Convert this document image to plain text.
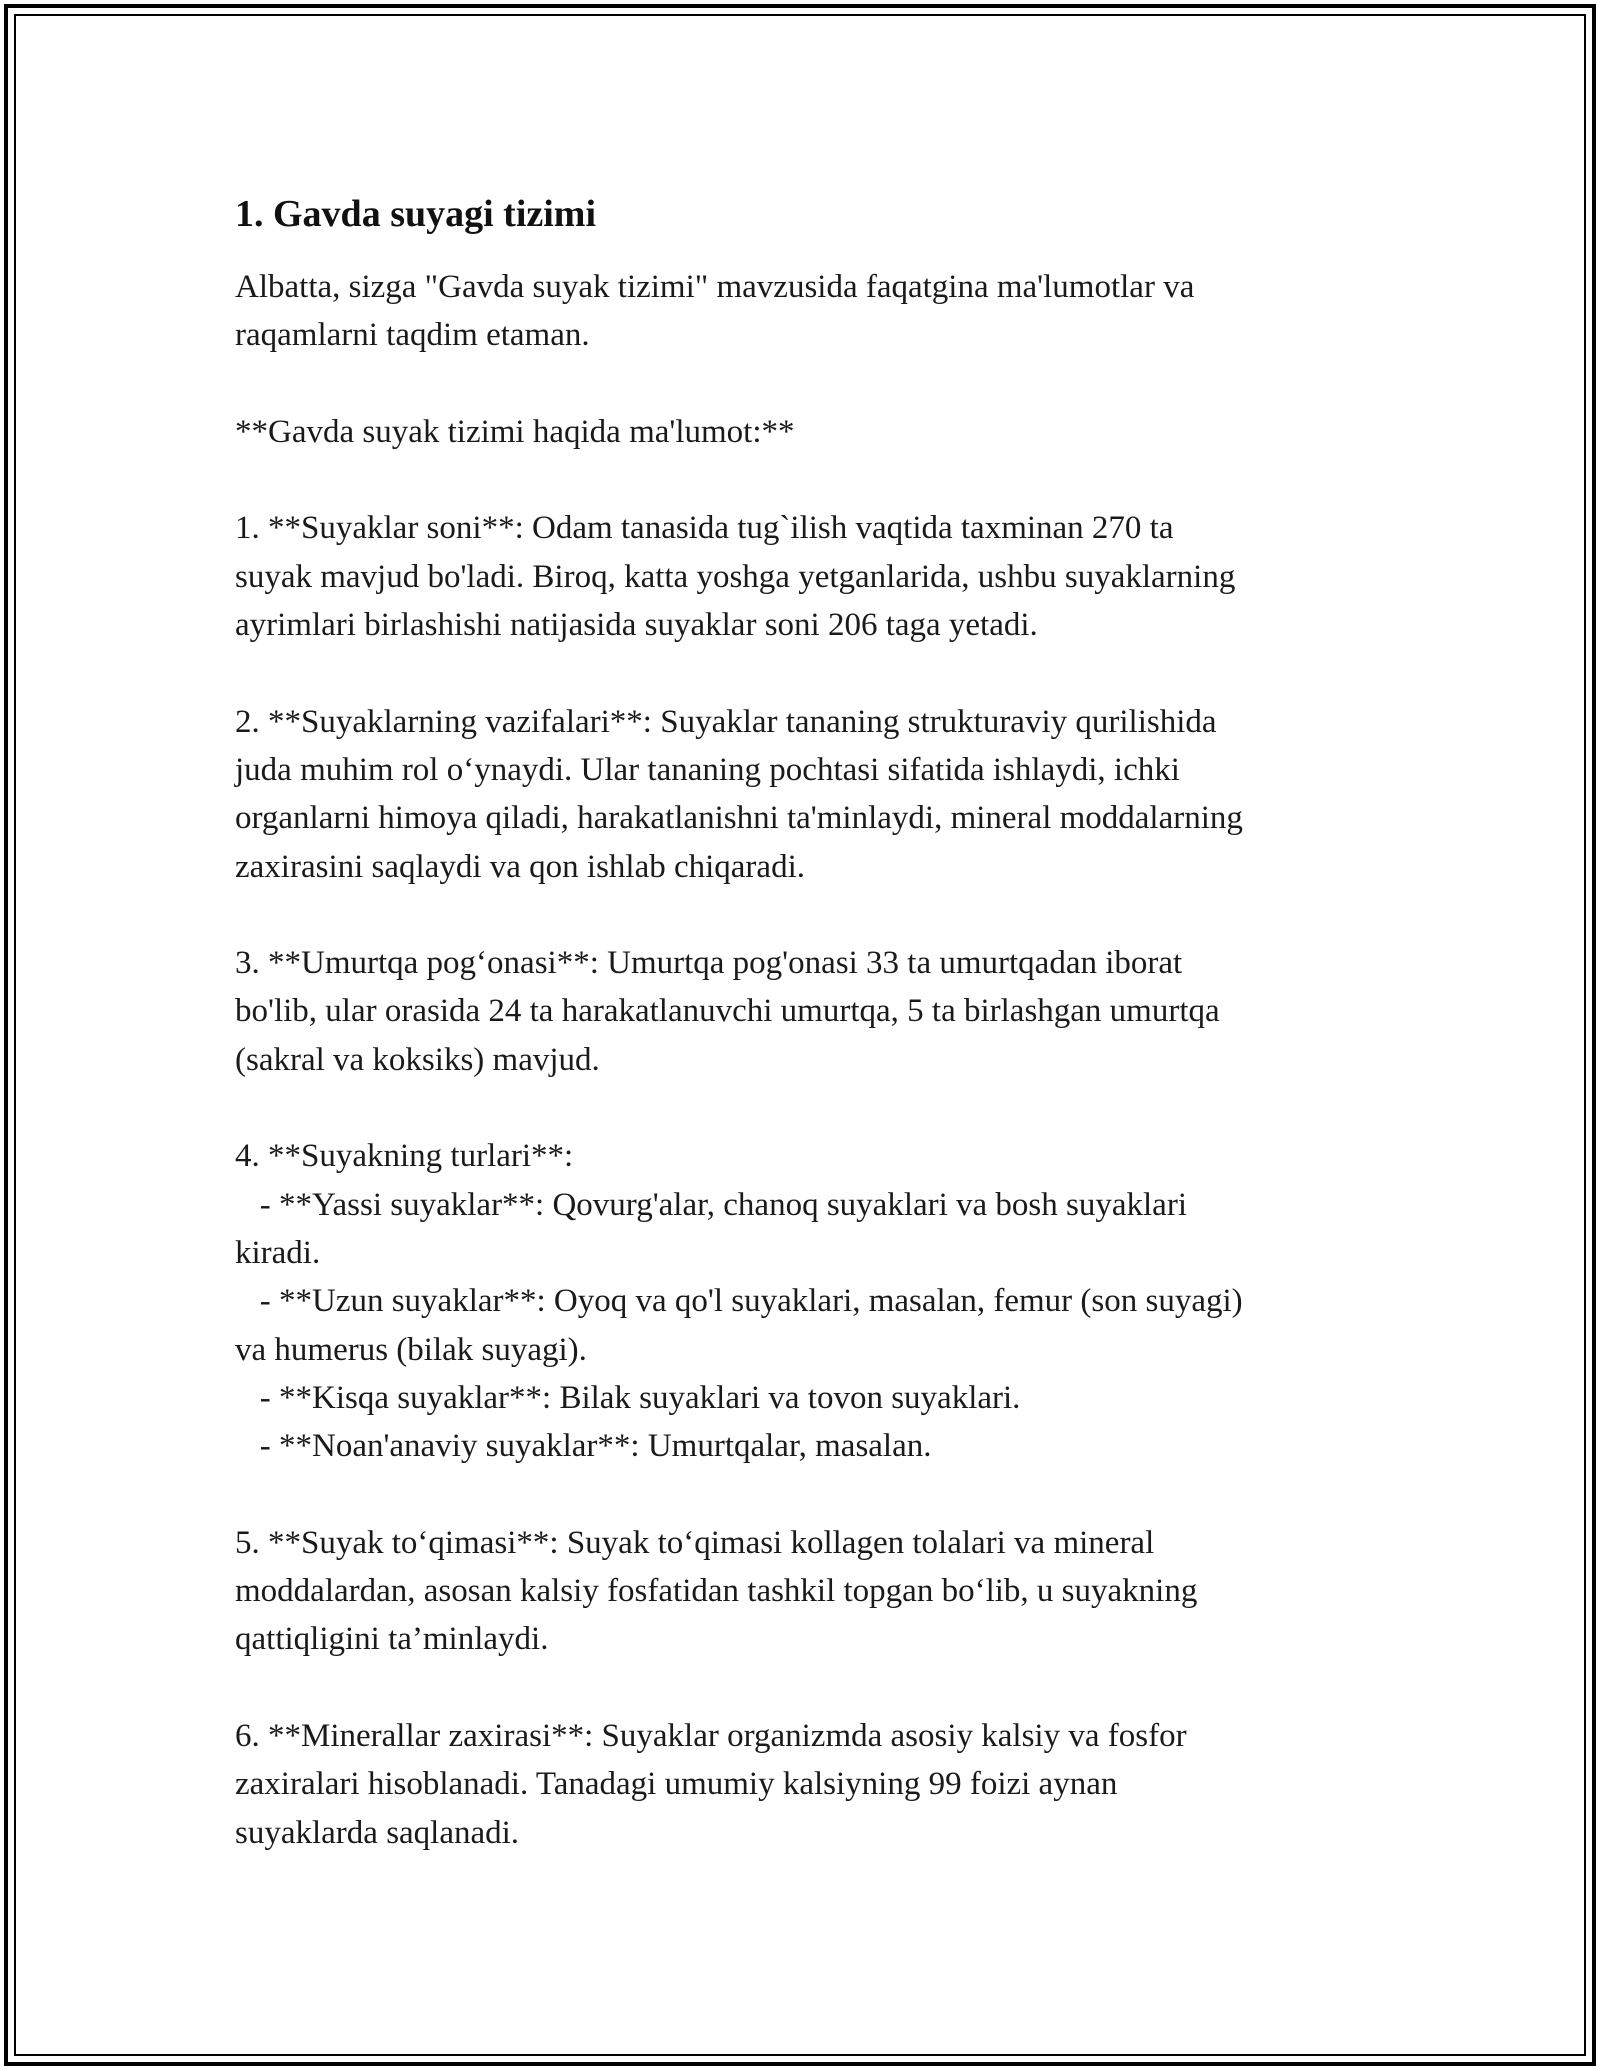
1. Gavda suyagi tizimi
Albatta, sizga "Gavda suyak tizimi" mavzusida faqatgina ma'lumotlar va
raqamlarni taqdim etaman.

**Gavda suyak tizimi haqida ma'lumot:**

1. **Suyaklar soni**: Odam tanasida tug`ilish vaqtida taxminan 270 ta
suyak mavjud bo'ladi. Biroq, katta yoshga yetganlarida, ushbu suyaklarning
ayrimlari birlashishi natijasida suyaklar soni 206 taga yetadi.

2. **Suyaklarning vazifalari**: Suyaklar tananing strukturaviy qurilishida
juda muhim rol o‘ynaydi. Ular tananing pochtasi sifatida ishlaydi, ichki
organlarni himoya qiladi, harakatlanishni ta'minlaydi, mineral moddalarning
zaxirasini saqlaydi va qon ishlab chiqaradi.

3. **Umurtqa pog‘onasi**: Umurtqa pog'onasi 33 ta umurtqadan iborat
bo'lib, ular orasida 24 ta harakatlanuvchi umurtqa, 5 ta birlashgan umurtqa
(sakral va koksiks) mavjud.

4. **Suyakning turlari**:
- **Yassi suyaklar**: Qovurg'alar, chanoq suyaklari va bosh suyaklari
kiradi.
- **Uzun suyaklar**: Oyoq va qo'l suyaklari, masalan, femur (son suyagi)
va humerus (bilak suyagi).
- **Kisqa suyaklar**: Bilak suyaklari va tovon suyaklari.
- **Noan'anaviy suyaklar**: Umurtqalar, masalan.

5. **Suyak to‘qimasi**: Suyak to‘qimasi kollagen tolalari va mineral
moddalardan, asosan kalsiy fosfatidan tashkil topgan bo‘lib, u suyakning
qattiqligini ta’minlaydi.

6. **Minerallar zaxirasi**: Suyaklar organizmda asosiy kalsiy va fosfor
zaxiralari hisoblanadi. Tanadagi umumiy kalsiyning 99 foizi aynan
suyaklarda saqlanadi.
